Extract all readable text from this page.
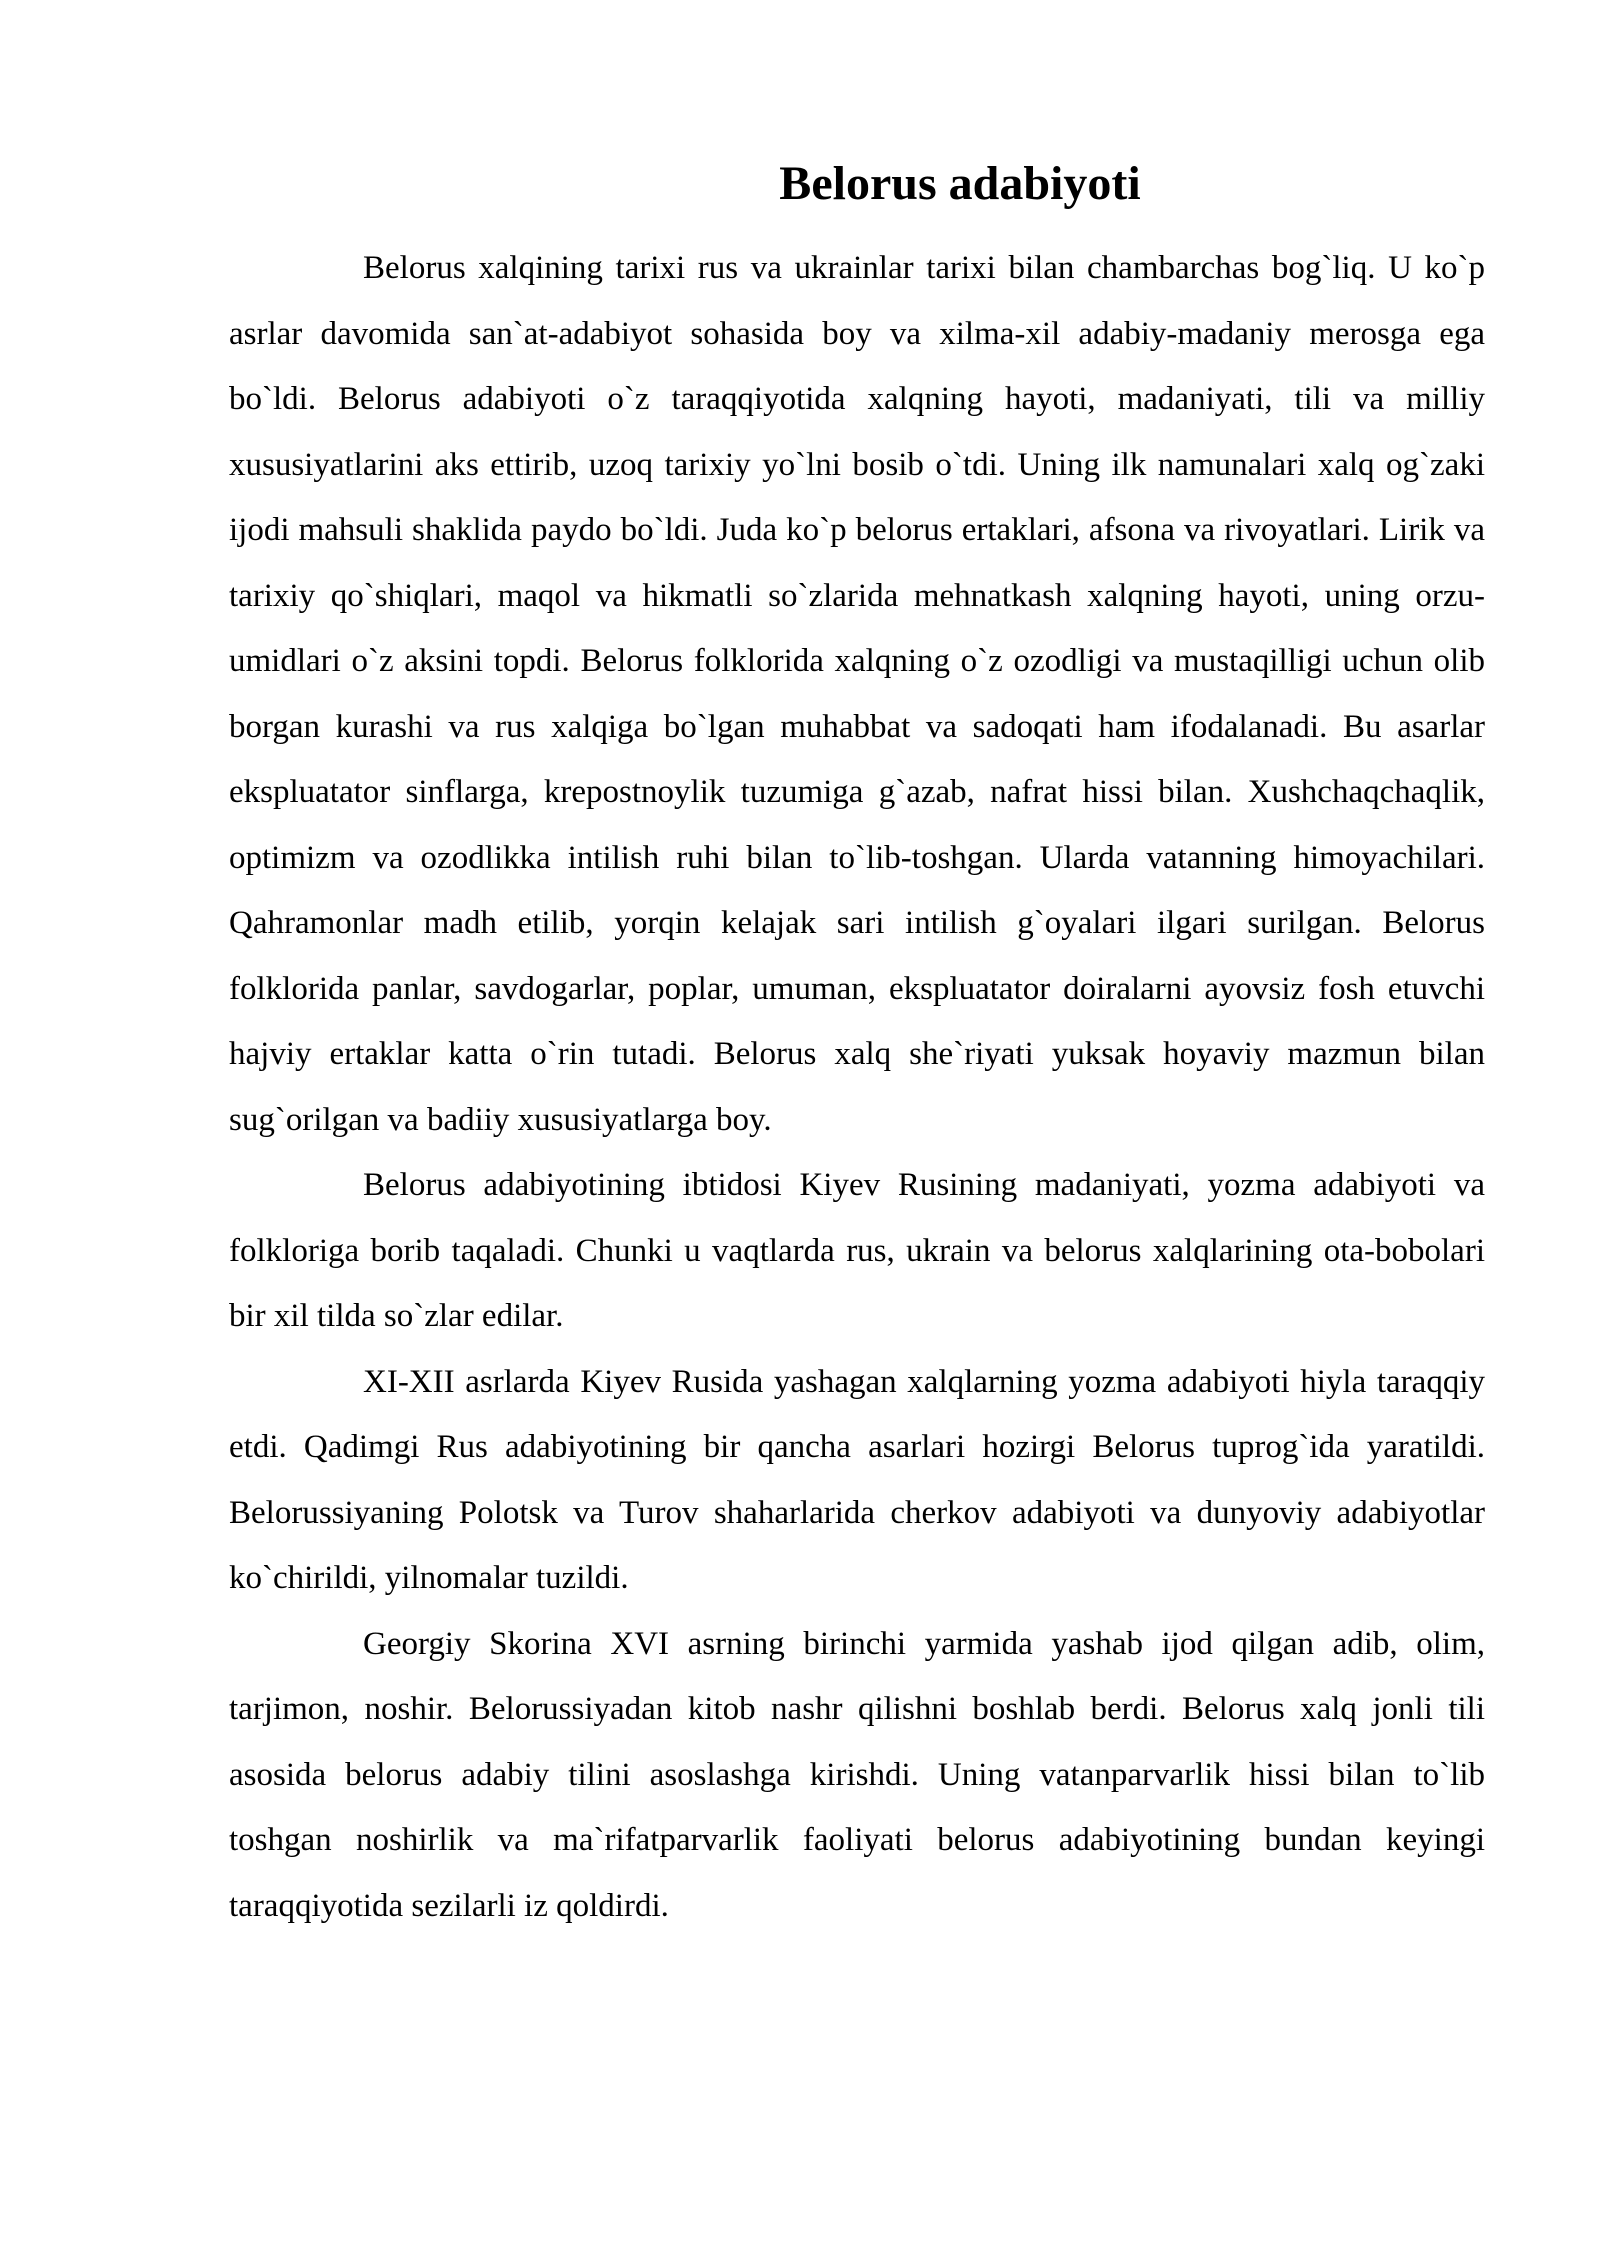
Belorus adabiyoti

Belorus xalqining tarixi rus va ukrainlar tarixi bilan chambarchas bog`liq. U ko`p asrlar davomida san`at-adabiyot sohasida boy va xilma-xil adabiy-madaniy merosga ega bo`ldi. Belorus adabiyoti o`z taraqqiyotida xalqning hayoti, madaniyati, tili va milliy xususiyatlarini aks ettirib, uzoq tarixiy yo`lni bosib o`tdi. Uning ilk namunalari xalq og`zaki ijodi mahsuli shaklida paydo bo`ldi. Juda ko`p belorus ertaklari, afsona va rivoyatlari. Lirik va tarixiy qo`shiqlari, maqol va hikmatli so`zlarida mehnatkash xalqning hayoti, uning orzu-umidlari o`z aksini topdi. Belorus folklorida xalqning o`z ozodligi va mustaqilligi uchun olib borgan kurashi va rus xalqiga bo`lgan muhabbat va sadoqati ham ifodalanadi. Bu asarlar ekspluatator sinflarga, krepostnoylik tuzumiga g`azab, nafrat hissi bilan. Xushchaqchaqlik, optimizm va ozodlikka intilish ruhi bilan to`lib-toshgan. Ularda vatanning himoyachilari. Qahramonlar madh etilib, yorqin kelajak sari intilish g`oyalari ilgari surilgan. Belorus folklorida panlar, savdogarlar, poplar, umuman, ekspluatator doiralarni ayovsiz fosh etuvchi hajviy ertaklar katta o`rin tutadi. Belorus xalq she`riyati yuksak hoyaviy mazmun bilan sug`orilgan va badiiy xususiyatlarga boy.

Belorus adabiyotining ibtidosi Kiyev Rusining madaniyati, yozma adabiyoti va folkloriga borib taqaladi. Chunki u vaqtlarda rus, ukrain va belorus xalqlarining ota-bobolari bir xil tilda so`zlar edilar.

XI-XII asrlarda Kiyev Rusida yashagan xalqlarning yozma adabiyoti hiyla taraqqiy etdi. Qadimgi Rus adabiyotining bir qancha asarlari hozirgi Belorus tuprog`ida yaratildi. Belorussiyaning Polotsk va Turov shaharlarida cherkov adabiyoti va dunyoviy adabiyotlar ko`chirildi, yilnomalar tuzildi.

Georgiy Skorina XVI asrning birinchi yarmida yashab ijod qilgan adib, olim, tarjimon, noshir. Belorussiyadan kitob nashr qilishni boshlab berdi. Belorus xalq jonli tili asosida belorus adabiy tilini asoslashga kirishdi. Uning vatanparvarlik hissi bilan to`lib toshgan noshirlik va ma`rifatparvarlik faoliyati belorus adabiyotining bundan keyingi taraqqiyotida sezilarli iz qoldirdi.
